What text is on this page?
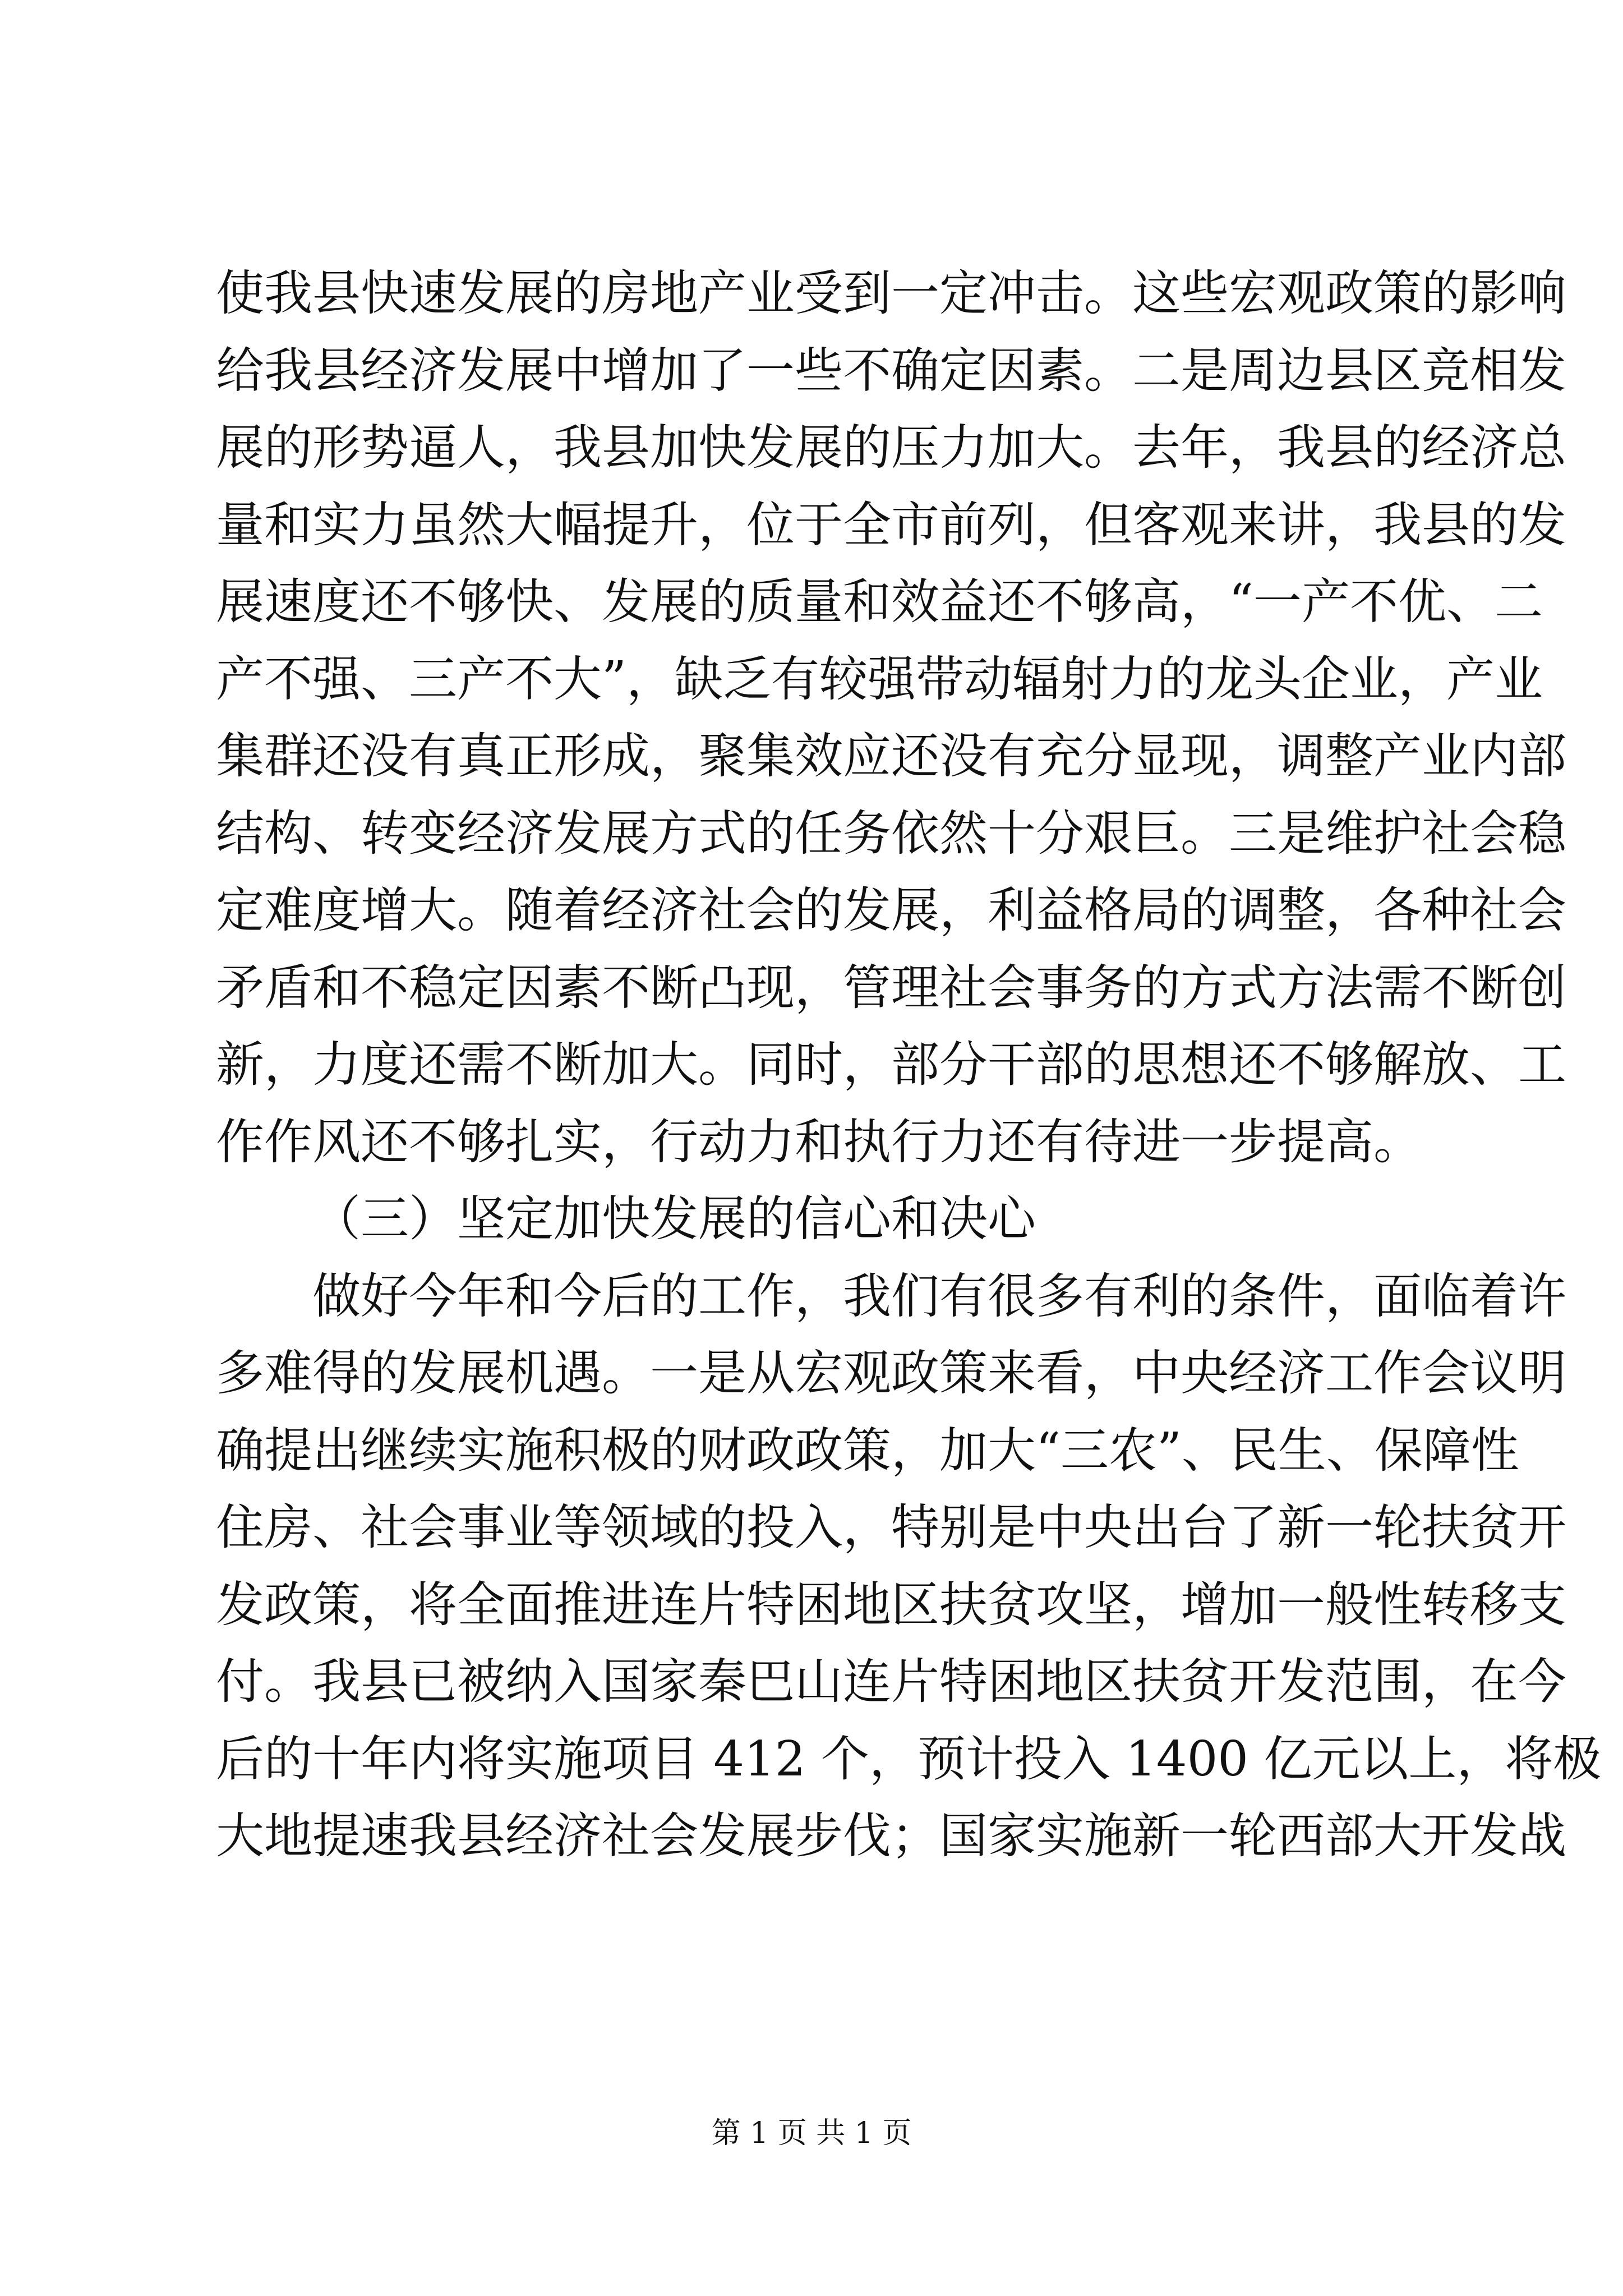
使我县快速发展的房地产业受到一定冲击。这些宏观政策的影响
给我县经济发展中增加了一些不确定因素。二是周边县区竞相发
展的形势逼人，我县加快发展的压力加大。去年，我县的经济总
量和实力虽然大幅提升，位于全市前列，但客观来讲，我县的发
展速度还不够快、发展的质量和效益还不够高，“一产不优、二
产不强、三产不大”，缺乏有较强带动辐射力的龙头企业，产业
集群还没有真正形成，聚集效应还没有充分显现，调整产业内部
结构、转变经济发展方式的任务依然十分艰巨。三是维护社会稳
定难度增大。随着经济社会的发展，利益格局的调整，各种社会
矛盾和不稳定因素不断凸现，管理社会事务的方式方法需不断创
新，力度还需不断加大。同时，部分干部的思想还不够解放、工
作作风还不够扎实，行动力和执行力还有待进一步提高。
（三）坚定加快发展的信心和决心
做好今年和今后的工作，我们有很多有利的条件，面临着许
多难得的发展机遇。一是从宏观政策来看，中央经济工作会议明
确提出继续实施积极的财政政策，加大“三农”、民生、保障性
住房、社会事业等领域的投入，特别是中央出台了新一轮扶贫开
发政策，将全面推进连片特困地区扶贫攻坚，增加一般性转移支
付。我县已被纳入国家秦巴山连片特困地区扶贫开发范围，在今
后的十年内将实施项目 412 个，预计投入 1400 亿元以上，将极
大地提速我县经济社会发展步伐；国家实施新一轮西部大开发战
第 1 页 共 1 页
